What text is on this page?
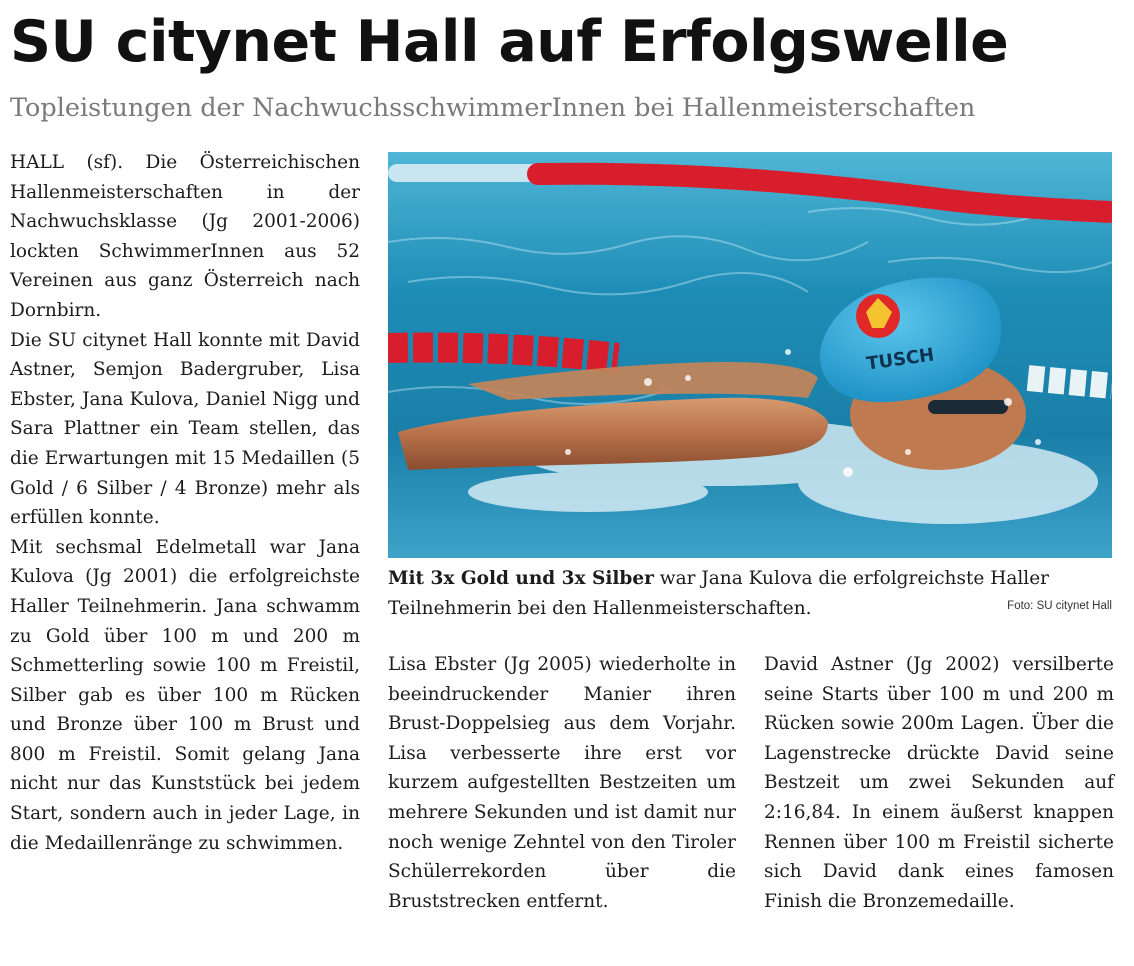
SU citynet Hall auf Erfolgswelle
Topleistungen der NachwuchsschwimmerInnen bei Hallenmeisterschaften

HALL (sf). Die Österreichischen Hallenmeisterschaften in der Nachwuchsklasse (Jg 2001-2006) lockten SchwimmerInnen aus 52 Vereinen aus ganz Österreich nach Dornbirn.

Die SU citynet Hall konnte mit David Astner, Semjon Badergruber, Lisa Ebster, Jana Kulova, Daniel Nigg und Sara Plattner ein Team stellen, das die Erwartungen mit 15 Medaillen (5 Gold / 6 Silber / 4 Bronze) mehr als erfüllen konnte.

Mit sechsmal Edelmetall war Jana Kulova (Jg 2001) die erfolgreichste Haller Teilnehmerin. Jana schwamm zu Gold über 100 m und 200 m Schmetterling sowie 100 m Freistil, Silber gab es über 100 m Rücken und Bronze über 100 m Brust und 800 m Freistil. Somit gelang Jana nicht nur das Kunststück bei jedem Start, sondern auch in jeder Lage, in die Medaillenränge zu schwimmen.

TUSCH
Mit 3x Gold und 3x Silber war Jana Kulova die erfolgreichste Haller Teilnehmerin bei den Hallenmeisterschaften.	Foto: SU citynet Hall

Lisa Ebster (Jg 2005) wiederholte in beeindruckender Manier ihren Brust-Doppelsieg aus dem Vorjahr. Lisa verbesserte ihre erst vor kurzem aufgestellten Bestzeiten um mehrere Sekunden und ist damit nur noch wenige Zehntel von den Tiroler Schülerrekorden über die Bruststrecken entfernt.

David Astner (Jg 2002) versilberte seine Starts über 100 m und 200 m Rücken sowie 200m Lagen. Über die Lagenstrecke drückte David seine Bestzeit um zwei Sekunden auf 2:16,84. In einem äußerst knappen Rennen über 100 m Freistil sicherte sich David dank eines famosen Finish die Bronzemedaille.
